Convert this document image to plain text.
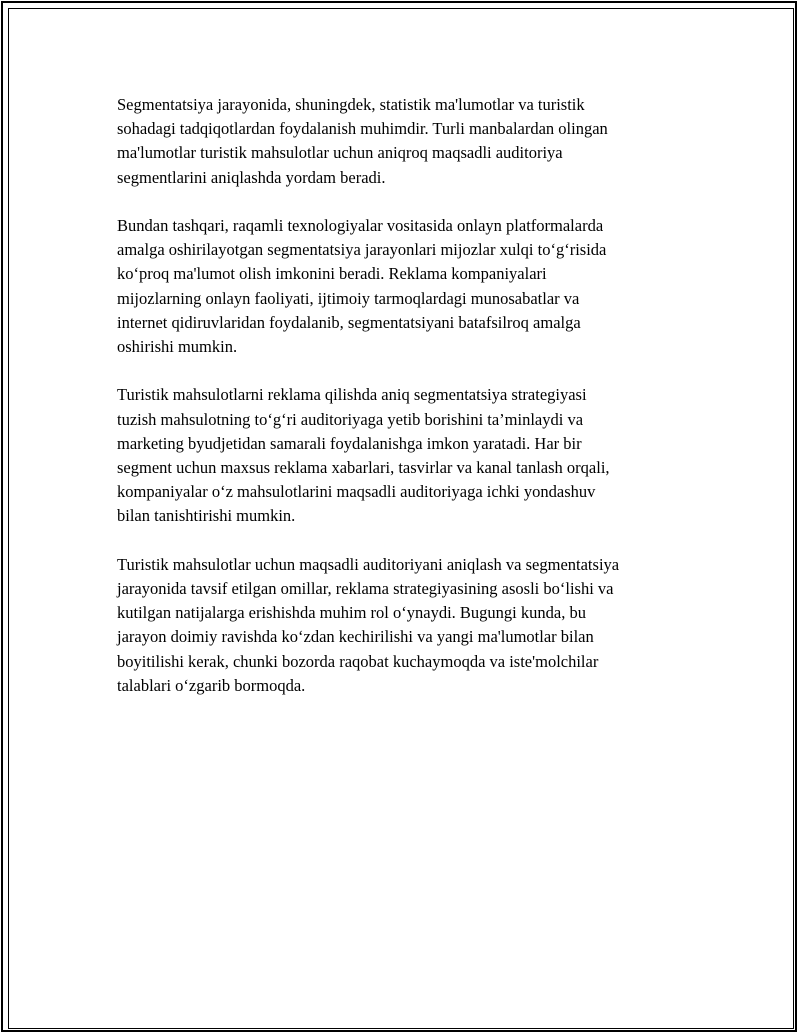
Segmentatsiya jarayonida, shuningdek, statistik ma'lumotlar va turistik
sohadagi tadqiqotlardan foydalanish muhimdir. Turli manbalardan olingan
ma'lumotlar turistik mahsulotlar uchun aniqroq maqsadli auditoriya
segmentlarini aniqlashda yordam beradi.

Bundan tashqari, raqamli texnologiyalar vositasida onlayn platformalarda
amalga oshirilayotgan segmentatsiya jarayonlari mijozlar xulqi to‘g‘risida
ko‘proq ma'lumot olish imkonini beradi. Reklama kompaniyalari
mijozlarning onlayn faoliyati, ijtimoiy tarmoqlardagi munosabatlar va
internet qidiruvlaridan foydalanib, segmentatsiyani batafsilroq amalga
oshirishi mumkin.

Turistik mahsulotlarni reklama qilishda aniq segmentatsiya strategiyasi
tuzish mahsulotning to‘g‘ri auditoriyaga yetib borishini ta’minlaydi va
marketing byudjetidan samarali foydalanishga imkon yaratadi. Har bir
segment uchun maxsus reklama xabarlari, tasvirlar va kanal tanlash orqali,
kompaniyalar o‘z mahsulotlarini maqsadli auditoriyaga ichki yondashuv
bilan tanishtirishi mumkin.

Turistik mahsulotlar uchun maqsadli auditoriyani aniqlash va segmentatsiya
jarayonida tavsif etilgan omillar, reklama strategiyasining asosli bo‘lishi va
kutilgan natijalarga erishishda muhim rol o‘ynaydi. Bugungi kunda, bu
jarayon doimiy ravishda ko‘zdan kechirilishi va yangi ma'lumotlar bilan
boyitilishi kerak, chunki bozorda raqobat kuchaymoqda va iste'molchilar
talablari o‘zgarib bormoqda.
